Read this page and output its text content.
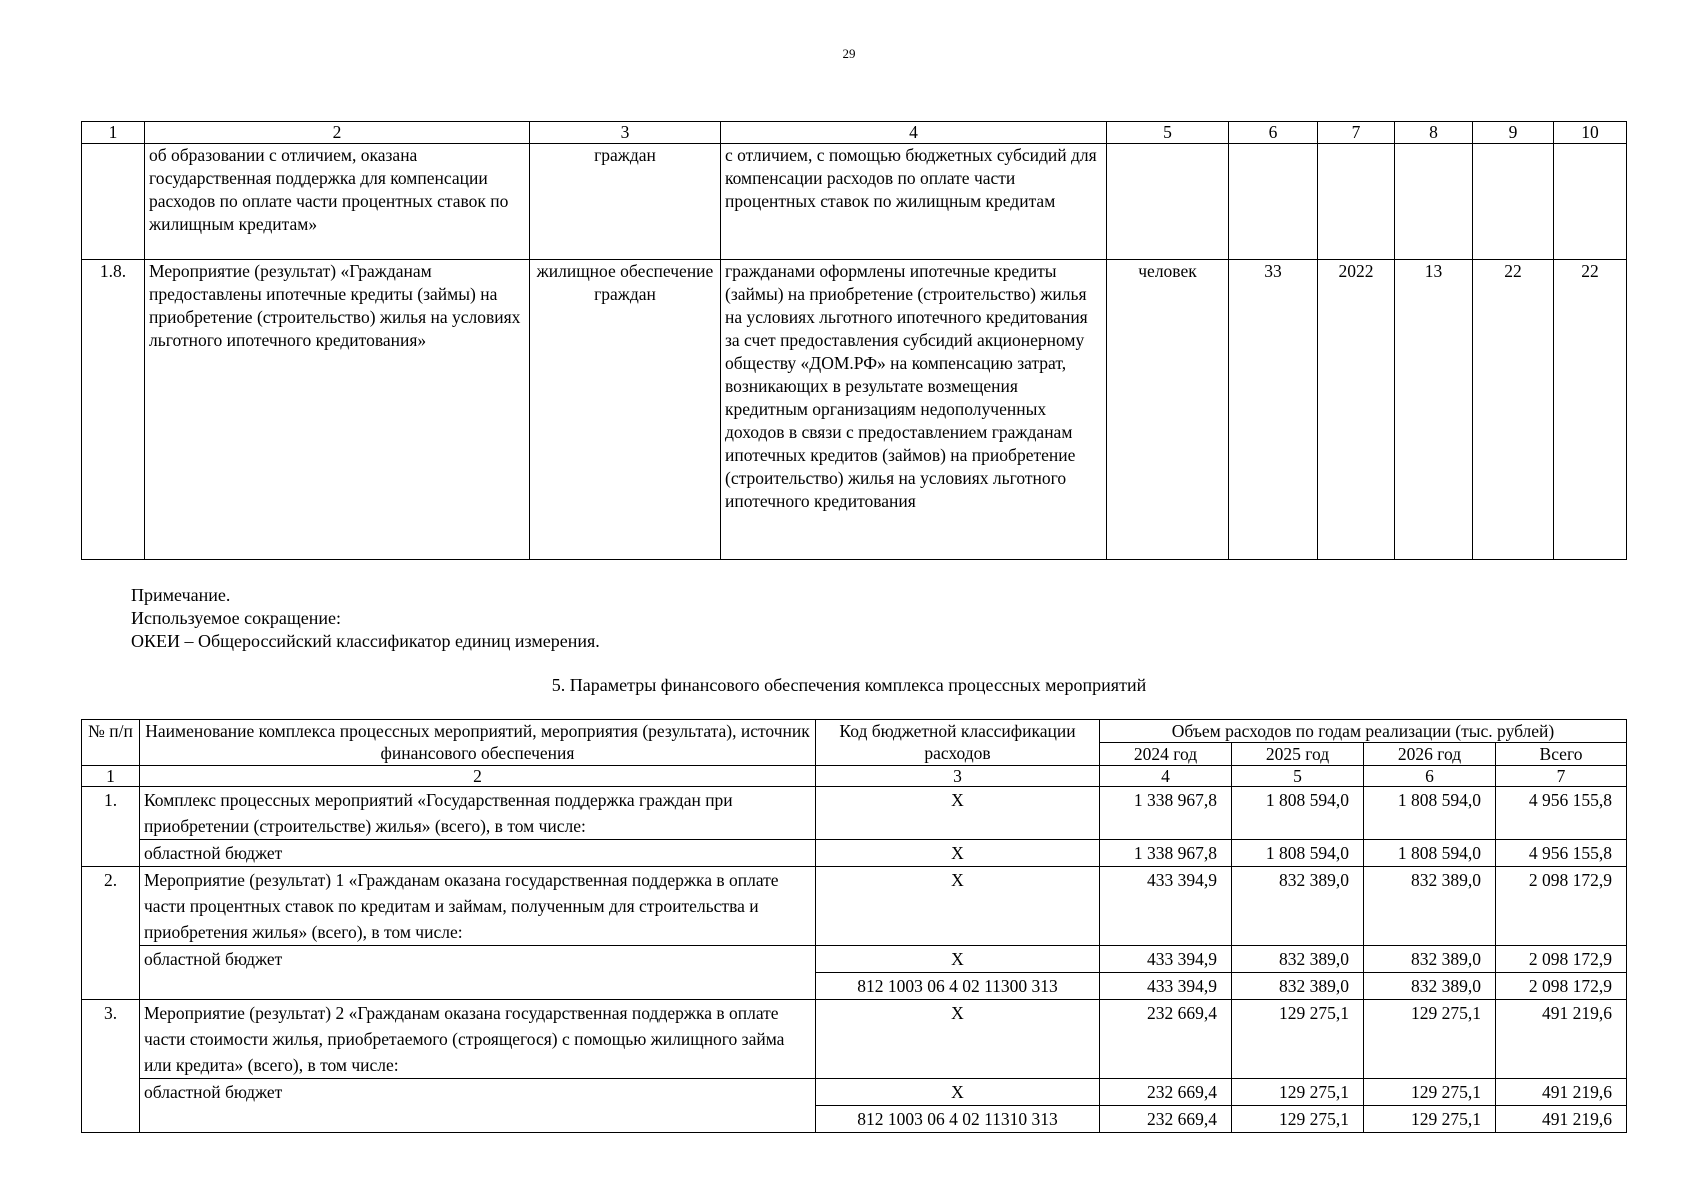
29
1	2	3	4	5	6	7	8	9	10
	об образовании с отличием, оказана государственная поддержка для компенсации расходов по оплате части процентных ставок по жилищным кредитам»	граждан	с отличием, с помощью бюджетных субсидий для компенсации расходов по оплате части процентных ставок по жилищным кредитам						
1.8.	Мероприятие (результат) «Гражданам предоставлены ипотечные кредиты (займы) на приобретение (строительство) жилья на условиях льготного ипотечного кредитования»	жилищное обеспечение граждан	гражданами оформлены ипотечные кредиты (займы) на приобретение (строительство) жилья на условиях льготного ипотечного кредитования за счет предоставления субсидий акционерному обществу «ДОМ.РФ» на компенсацию затрат, возникающих в результате возмещения кредитным организациям недополученных доходов в связи с предоставлением гражданам ипотечных кредитов (займов) на приобретение (строительство) жилья на условиях льготного ипотечного кредитования	человек	33	2022	13	22	22
Примечание.
Используемое сокращение:
ОКЕИ – Общероссийский классификатор единиц измерения.
5. Параметры финансового обеспечения комплекса процессных мероприятий
№ п/п	Наименование комплекса процессных мероприятий, мероприятия (результата), источник финансового обеспечения	Код бюджетной классификации расходов	Объем расходов по годам реализации (тыс. рублей)			
			2024 год	2025 год	2026 год	Всего
1	2	3	4	5	6	7
1.	Комплекс процессных мероприятий «Государственная поддержка граждан при приобретении (строительстве) жилья» (всего), в том числе:	Х	1 338 967,8	1 808 594,0	1 808 594,0	4 956 155,8
	областной бюджет	Х	1 338 967,8	1 808 594,0	1 808 594,0	4 956 155,8
2.	Мероприятие (результат) 1 «Гражданам оказана государственная поддержка в оплате части процентных ставок по кредитам и займам, полученным для строительства и приобретения жилья» (всего), в том числе:	Х	433 394,9	832 389,0	832 389,0	2 098 172,9
	областной бюджет	Х	433 394,9	832 389,0	832 389,0	2 098 172,9
		812 1003 06 4 02 11300 313	433 394,9	832 389,0	832 389,0	2 098 172,9
3.	Мероприятие (результат) 2 «Гражданам оказана государственная поддержка в оплате части стоимости жилья, приобретаемого (строящегося) с помощью жилищного займа или кредита» (всего), в том числе:	Х	232 669,4	129 275,1	129 275,1	491 219,6
	областной бюджет	Х	232 669,4	129 275,1	129 275,1	491 219,6
		812 1003 06 4 02 11310 313	232 669,4	129 275,1	129 275,1	491 219,6
